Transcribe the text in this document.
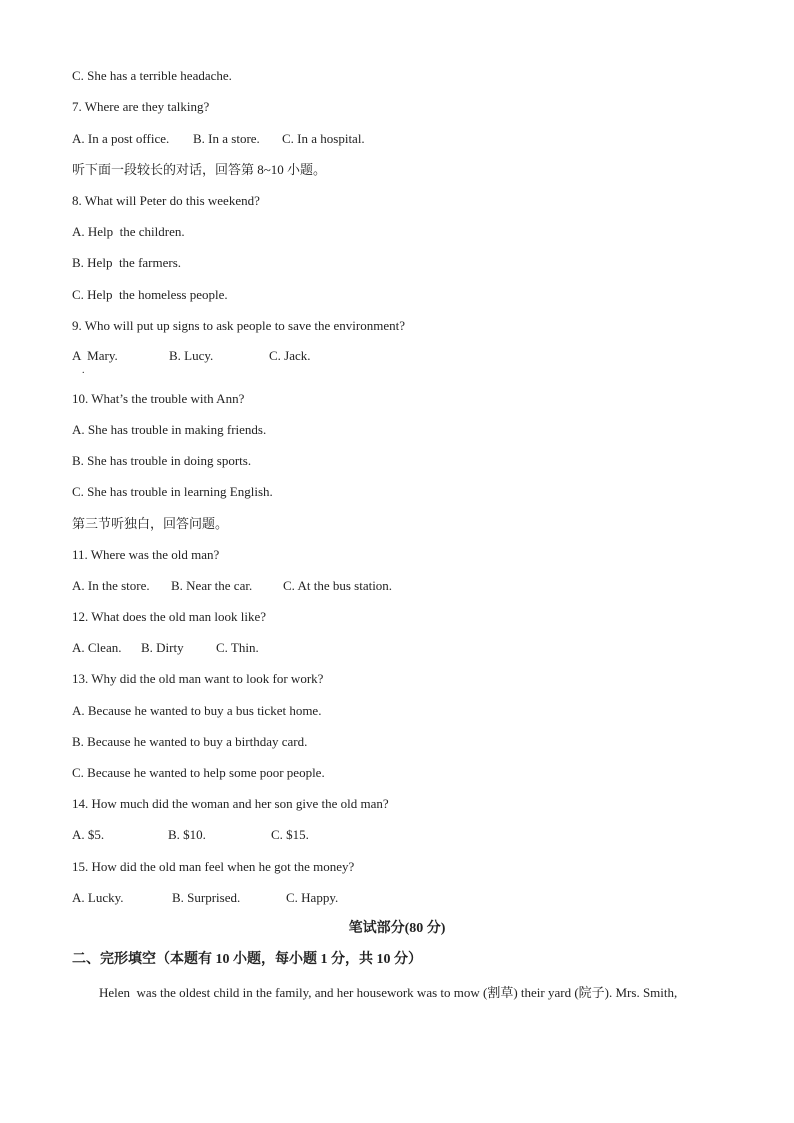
C. She has a terrible headache.
7. Where are they talking?

A. In a post office.

B. In a store.

C. In a hospital.

听下面一段较长的对话，回答第 8~10 小题。
8. What will Peter do this weekend?
A. Help  the children.
B. Help  the farmers.
C. Help  the homeless people.
9. Who will put up signs to ask people to save the environment?

A  Mary.

	B. Lucy.

	C. Jack.

.
10. What’s the trouble with Ann?
A. She has trouble in making friends.
B. She has trouble in doing sports.
C. She has trouble in learning English.
第三节听独白，回答问题。
11. Where was the old man?

A. In the store.

B. Near the car.

C. At the bus station.

12. What does the old man look like?

A. Clean.

B. Dirty

C. Thin.

13. Why did the old man want to look for work?
A. Because he wanted to buy a bus ticket home.
B. Because he wanted to buy a birthday card.
C. Because he wanted to help some poor people.
14. How much did the woman and her son give the old man?

A. $5.

	B. $10.

	C. $15.

15. How did the old man feel when he got the money?

A. Lucky.

	B. Surprised.

	C. Happy.

笔试部分(80 分)
二、完形填空（本题有 10 小题，每小题 1 分，共 10 分）
Helen  was the oldest child in the family, and her housework was to mow (割草) their yard (院子). Mrs. Smith,
